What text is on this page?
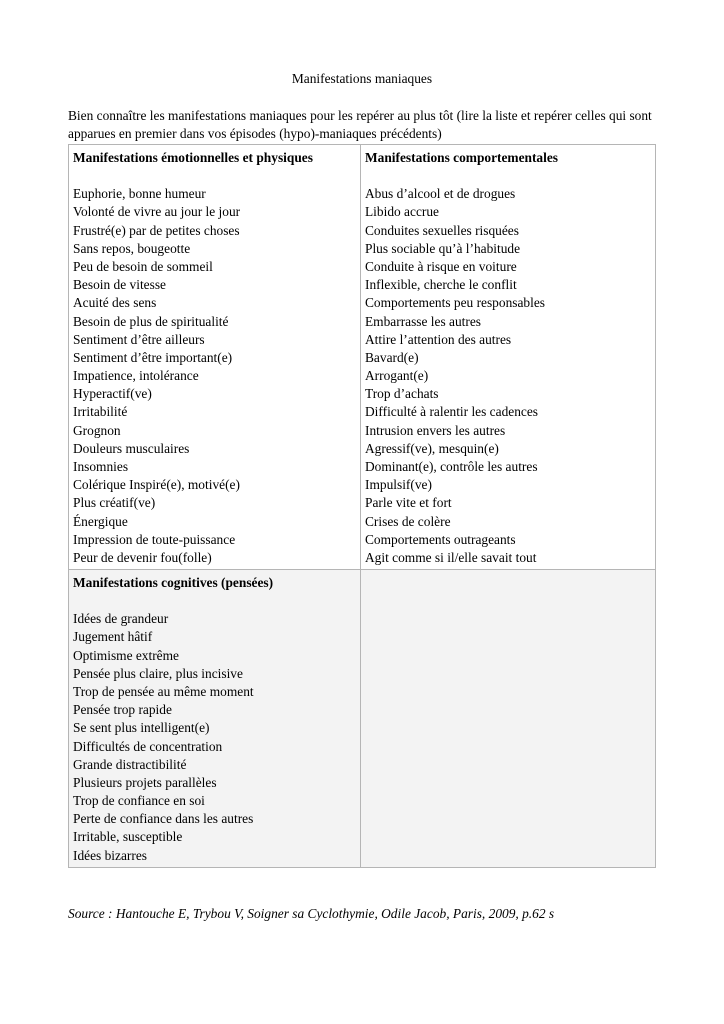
Manifestations maniaques
Bien connaître les manifestations maniaques pour les repérer au plus tôt (lire la liste et repérer celles qui sont apparues en premier dans vos épisodes (hypo)-maniaques précédents)
Manifestations émotionnelles et physiques
Euphorie, bonne humeur
Volonté de vivre au jour le jour
Frustré(e) par de petites choses
Sans repos, bougeotte
Peu de besoin de sommeil
Besoin de vitesse
Acuité des sens
Besoin de plus de spiritualité
Sentiment d’être ailleurs
Sentiment d’être important(e)
Impatience, intolérance
Hyperactif(ve)
Irritabilité
Grognon
Douleurs musculaires
Insomnies
Colérique Inspiré(e), motivé(e)
Plus créatif(ve)
Énergique
Impression de toute-puissance
Peur de devenir fou(folle)
Manifestations comportementales
Abus d’alcool et de drogues
Libido accrue
Conduites sexuelles risquées
Plus sociable qu’à l’habitude
Conduite à risque en voiture
Inflexible, cherche le conflit
Comportements peu responsables
Embarrasse les autres
Attire l’attention des autres
Bavard(e)
Arrogant(e)
Trop d’achats
Difficulté à ralentir les cadences
Intrusion envers les autres
Agressif(ve), mesquin(e)
Dominant(e), contrôle les autres
Impulsif(ve)
Parle vite et fort
Crises de colère
Comportements outrageants
Agit comme si il/elle savait tout
Manifestations cognitives (pensées)
Idées de grandeur
Jugement hâtif
Optimisme extrême
Pensée plus claire, plus incisive
Trop de pensée au même moment
Pensée trop rapide
Se sent plus intelligent(e)
Difficultés de concentration
Grande distractibilité
Plusieurs projets parallèles
Trop de confiance en soi
Perte de confiance dans les autres
Irritable, susceptible
Idées bizarres
Source : Hantouche E, Trybou V, Soigner sa Cyclothymie, Odile Jacob, Paris, 2009, p.62 s
